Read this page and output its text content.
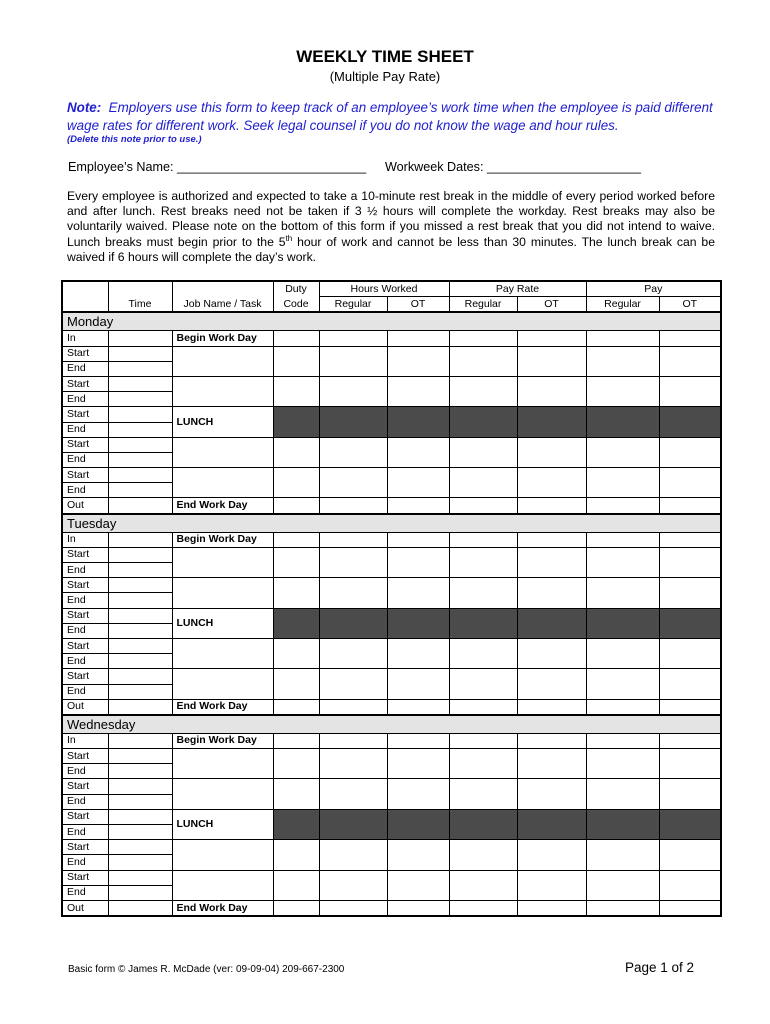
WEEKLY TIME SHEET
(Multiple Pay Rate)
Note: Employers use this form to keep track of an employee’s work time when the employee is paid different wage rates for different work. Seek legal counsel if you do not know the wage and hour rules.
(Delete this note prior to use.)
Employee’s Name: ___________________________ Workweek Dates: ______________________
Every employee is authorized and expected to take a 10-minute rest break in the middle of every period worked before and after lunch. Rest breaks need not be taken if 3 ½ hours will complete the workday. Rest breaks may also be voluntarily waived. Please note on the bottom of this form if you missed a rest break that you did not intend to waive. Lunch breaks must begin prior to the 5th hour of work and cannot be less than 30 minutes. The lunch break can be waived if 6 hours will complete the day’s work.
			Duty	Hours Worked		Pay Rate		Pay	
	Time	Job Name / Task	Code	Regular	OT	Regular	OT	Regular	OT
Monday									
In		Begin Work Day							
Start									
End									
Start									
End									
Start		LUNCH							
End									
Start									
End									
Start									
End									
Out		End Work Day							
Tuesday									
In		Begin Work Day							
Start									
End									
Start									
End									
Start		LUNCH							
End									
Start									
End									
Start									
End									
Out		End Work Day							
Wednesday									
In		Begin Work Day							
Start									
End									
Start									
End									
Start		LUNCH							
End									
Start									
End									
Start									
End									
Out		End Work Day							
Basic form © James R. McDade (ver: 09-09-04) 209-667-2300	Page 1 of 2
